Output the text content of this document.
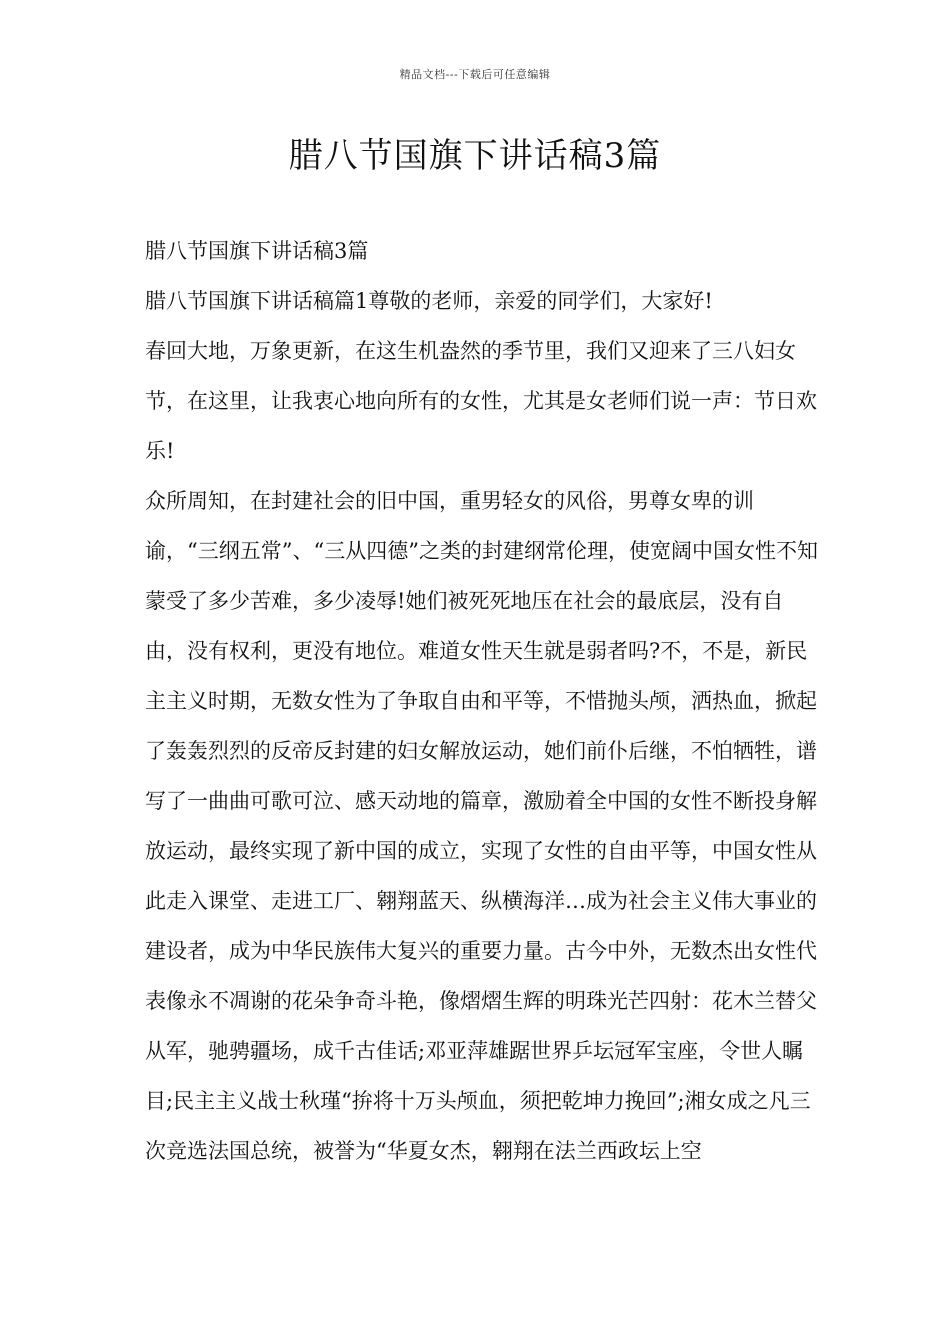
精品文档---下载后可任意编辑
腊八节国旗下讲话稿3篇

腊八节国旗下讲话稿3篇

腊八节国旗下讲话稿篇1尊敬的老师，亲爱的同学们，大家好!

春回大地，万象更新，在这生机盎然的季节里，我们又迎来了三八妇女节，在这里，让我衷心地向所有的女性，尤其是女老师们说一声：节日欢乐!

众所周知，在封建社会的旧中国，重男轻女的风俗，男尊女卑的训谕，“三纲五常”、“三从四德”之类的封建纲常伦理，使宽阔中国女性不知蒙受了多少苦难，多少凌辱!她们被死死地压在社会的最底层，没有自由，没有权利，更没有地位。难道女性天生就是弱者吗?不，不是，新民主主义时期，无数女性为了争取自由和平等，不惜抛头颅，洒热血，掀起了轰轰烈烈的反帝反封建的妇女解放运动，她们前仆后继，不怕牺牲，谱写了一曲曲可歌可泣、感天动地的篇章，激励着全中国的女性不断投身解放运动，最终实现了新中国的成立，实现了女性的自由平等，中国女性从此走入课堂、走进工厂、翱翔蓝天、纵横海洋…成为社会主义伟大事业的建设者，成为中华民族伟大复兴的重要力量。古今中外，无数杰出女性代表像永不凋谢的花朵争奇斗艳，像熠熠生辉的明珠光芒四射：花木兰替父从军，驰骋疆场，成千古佳话;邓亚萍雄踞世界乒坛冠军宝座，令世人瞩目;民主主义战士秋瑾“拚将十万头颅血，须把乾坤力挽回”;湘女成之凡三次竞选法国总统，被誉为“华夏女杰，翱翔在法兰西政坛上空
